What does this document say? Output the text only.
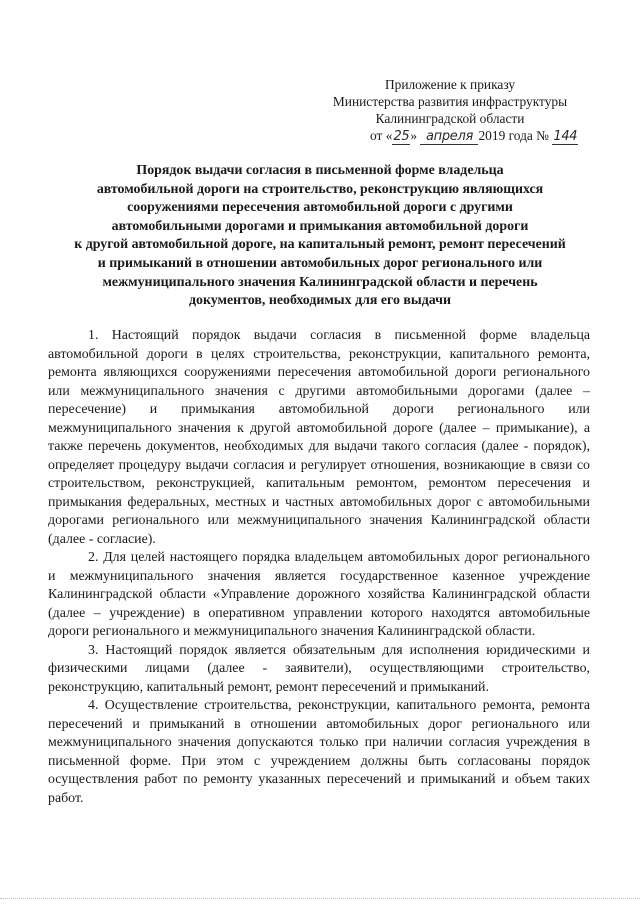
Приложение к приказу
Министерства развития инфраструктуры
Калининградской области
от «25» апреля 2019 года № 144
Порядок выдачи согласия в письменной форме владельца
автомобильной дороги на строительство, реконструкцию являющихся
сооружениями пересечения автомобильной дороги с другими
автомобильными дорогами и примыкания автомобильной дороги
к другой автомобильной дороге, на капитальный ремонт, ремонт пересечений
и примыканий в отношении автомобильных дорог регионального или
межмуниципального значения Калининградской области и перечень
документов, необходимых для его выдачи

1. Настоящий порядок выдачи согласия в письменной форме владельца автомобильной дороги в целях строительства, реконструкции, капитального ремонта, ремонта являющихся сооружениями пересечения автомобильной дороги регионального или межмуниципального значения с другими автомобильными дорогами (далее – пересечение) и примыкания автомобильной дороги регионального или межмуниципального значения к другой автомобильной дороге (далее – примыкание), а также перечень документов, необходимых для выдачи такого согласия (далее - порядок), определяет процедуру выдачи согласия и регулирует отношения, возникающие в связи со строительством, реконструкцией, капитальным ремонтом, ремонтом пересечения и примыкания федеральных, местных и частных автомобильных дорог с автомобильными дорогами регионального или межмуниципального значения Калининградской области (далее - согласие).

2. Для целей настоящего порядка владельцем автомобильных дорог регионального и межмуниципального значения является государственное казенное учреждение Калининградской области «Управление дорожного хозяйства Калининградской области (далее – учреждение) в оперативном управлении которого находятся автомобильные дороги регионального и межмуниципального значения Калининградской области.

3. Настоящий порядок является обязательным для исполнения юридическими и физическими лицами (далее - заявители), осуществляющими строительство, реконструкцию, капитальный ремонт, ремонт пересечений и примыканий.

4. Осуществление строительства, реконструкции, капитального ремонта, ремонта пересечений и примыканий в отношении автомобильных дорог регионального или межмуниципального значения допускаются только при наличии согласия учреждения в письменной форме. При этом с учреждением должны быть согласованы порядок осуществления работ по ремонту указанных пересечений и примыканий и объем таких работ.
